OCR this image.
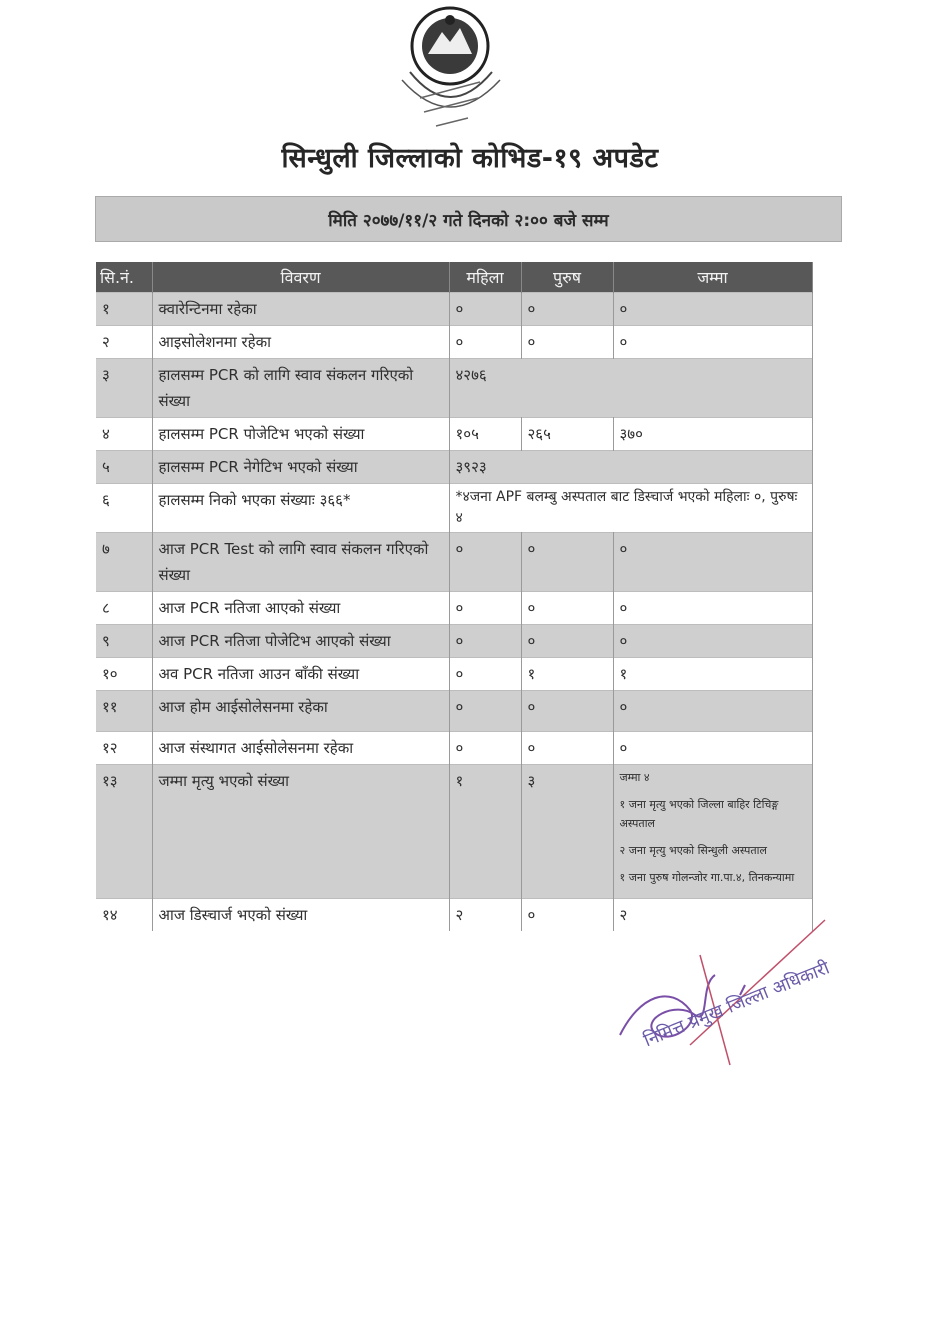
सिन्धुली जिल्लाको कोभिड-१९ अपडेट
मिति २०७७/११/२ गते दिनको २:०० बजे सम्म
सि.नं.	विवरण	महिला	पुरुष	जम्मा
१	क्वारेन्टिनमा रहेका	०	०	०
२	आइसोलेशनमा रहेका	०	०	०
३	हालसम्म PCR को लागि स्वाव संकलन गरिएको संख्या	४२७६		
४	हालसम्म PCR पोजेटिभ भएको संख्या	१०५	२६५	३७०
५	हालसम्म PCR नेगेटिभ भएको संख्या	३९२३		
६	हालसम्म निको भएका संख्याः ३६६*	*४जना APF बलम्बु अस्पताल बाट डिस्चार्ज भएको महिलाः ०, पुरुषः ४		
७	आज PCR Test को लागि स्वाव संकलन गरिएको संख्या	०	०	०
८	आज PCR नतिजा आएको संख्या	०	०	०
९	आज PCR नतिजा पोजेटिभ आएको संख्या	०	०	०
१०	अव PCR नतिजा आउन बाँकी संख्या	०	१	१
११	आज होम आईसोलेसनमा रहेका	०	०	०
१२	आज संस्थागत आईसोलेसनमा रहेका	०	०	०
१३	जम्मा मृत्यु भएको संख्या	१	३	जम्मा ४

१ जना मृत्यु भएको जिल्ला बाहिर टिचिङ्ग अस्पताल

२ जना मृत्यु भएको सिन्धुली अस्पताल

१ जना पुरुष गोलन्जोर गा.पा.४, तिनकन्यामा

१४	आज डिस्चार्ज भएको संख्या	२	०	२
निमित्त प्रमुख जिल्ला अधिकारी
